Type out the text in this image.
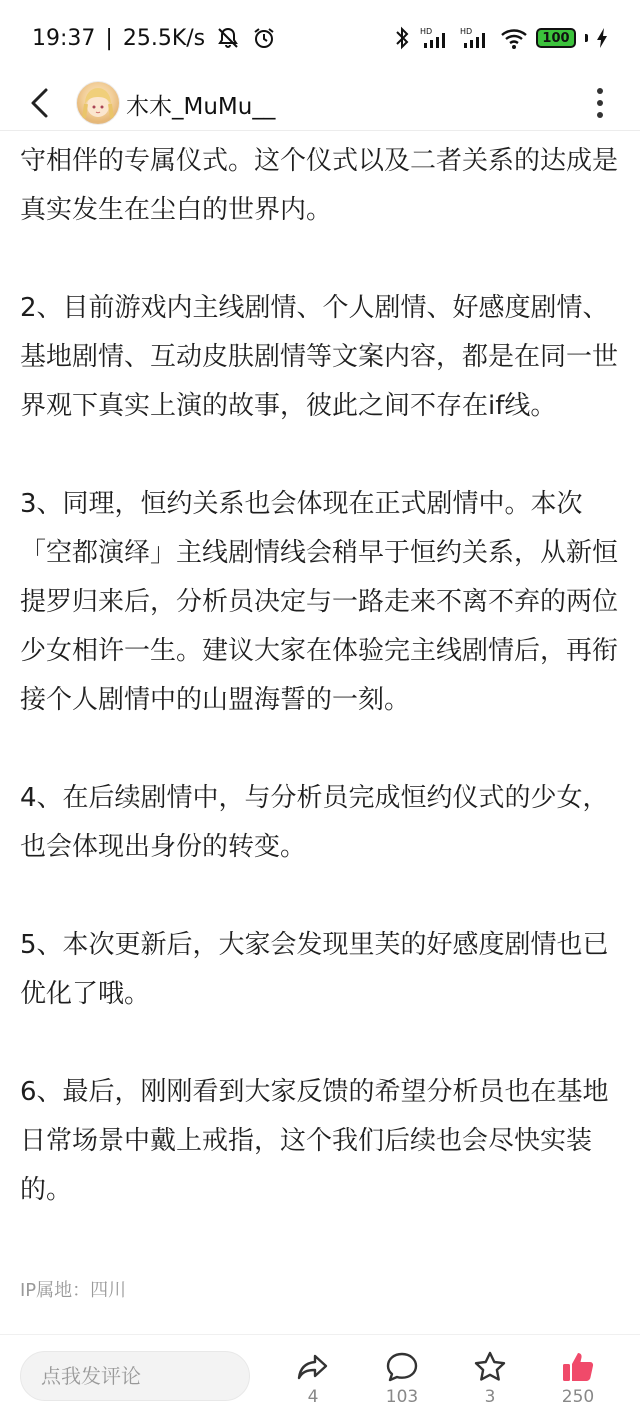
19:37 | 25.5K/s	HD	HD	100
木木_MuMu__

守相伴的专属仪式。这个仪式以及二者关系的达成是真实发生在尘白的世界内。

2、目前游戏内主线剧情、个人剧情、好感度剧情、基地剧情、互动皮肤剧情等文案内容，都是在同一世界观下真实上演的故事，彼此之间不存在if线。

3、同理，恒约关系也会体现在正式剧情中。本次「空都演绎」主线剧情线会稍早于恒约关系，从新恒提罗归来后，分析员决定与一路走来不离不弃的两位少女相许一生。建议大家在体验完主线剧情后，再衔接个人剧情中的山盟海誓的一刻。

4、在后续剧情中，与分析员完成恒约仪式的少女，也会体现出身份的转变。

5、本次更新后，大家会发现里芙的好感度剧情也已优化了哦。

6、最后，刚刚看到大家反馈的希望分析员也在基地日常场景中戴上戒指，这个我们后续也会尽快实装的。

IP属地：四川
点我发评论
4	103	3	250
